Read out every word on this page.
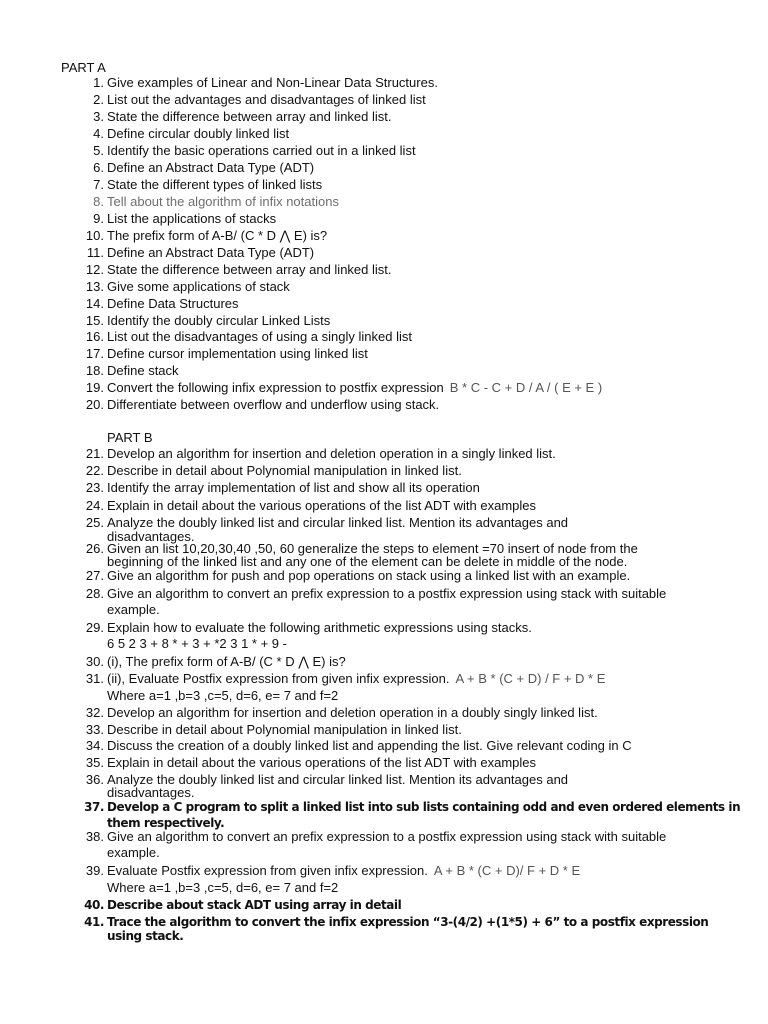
PART A
PART B
1. Give examples of Linear and Non-Linear Data Structures.
2. List out the advantages and disadvantages of linked list
3. State the difference between array and linked list.
4. Define circular doubly linked list
5. Identify the basic operations carried out in a linked list
6. Define an Abstract Data Type (ADT)
7. State the different types of linked lists
8. Tell about the algorithm of infix notations
9. List the applications of stacks
10. The prefix form of A-B/ (C * D ⋀ E) is?
11. Define an Abstract Data Type (ADT)
12. State the difference between array and linked list.
13. Give some applications of stack
14. Define Data Structures
15. Identify the doubly circular Linked Lists
16. List out the disadvantages of using a singly linked list
17. Define cursor implementation using linked list
18. Define stack
19. Convert the following infix expression to postfix expression B * C - C + D / A / ( E + E )
20. Differentiate between overflow and underflow using stack.
21. Develop an algorithm for insertion and deletion operation in a singly linked list.
22. Describe in detail about Polynomial manipulation in linked list.
23. Identify the array implementation of list and show all its operation
24. Explain in detail about the various operations of the list ADT with examples
25. Analyze the doubly linked list and circular linked list. Mention its advantages and
disadvantages.
26. Given an list 10,20,30,40 ,50, 60 generalize the steps to element =70 insert of node from the
beginning of the linked list and any one of the element can be delete in middle of the node.
27. Give an algorithm for push and pop operations on stack using a linked list with an example.
28. Give an algorithm to convert an prefix expression to a postfix expression using stack with suitable
example.
29. Explain how to evaluate the following arithmetic expressions using stacks.
6 5 2 3 + 8 * + 3 + *2 3 1 * + 9 -
30. (i), The prefix form of A-B/ (C * D ⋀ E) is?
31. (ii), Evaluate Postfix expression from given infix expression. A + B * (C + D) / F + D * E
Where a=1 ,b=3 ,c=5, d=6, e= 7 and f=2
32. Develop an algorithm for insertion and deletion operation in a doubly singly linked list.
33. Describe in detail about Polynomial manipulation in linked list.
34. Discuss the creation of a doubly linked list and appending the list. Give relevant coding in C
35. Explain in detail about the various operations of the list ADT with examples
36. Analyze the doubly linked list and circular linked list. Mention its advantages and
disadvantages.
37. Develop a C program to split a linked list into sub lists containing odd and even ordered elements in
them respectively.
38. Give an algorithm to convert an prefix expression to a postfix expression using stack with suitable
example.
39. Evaluate Postfix expression from given infix expression. A + B * (C + D)/ F + D * E
Where a=1 ,b=3 ,c=5, d=6, e= 7 and f=2
40. Describe about stack ADT using array in detail
41. Trace the algorithm to convert the infix expression “3-(4/2) +(1*5) + 6” to a postfix expression
using stack.
